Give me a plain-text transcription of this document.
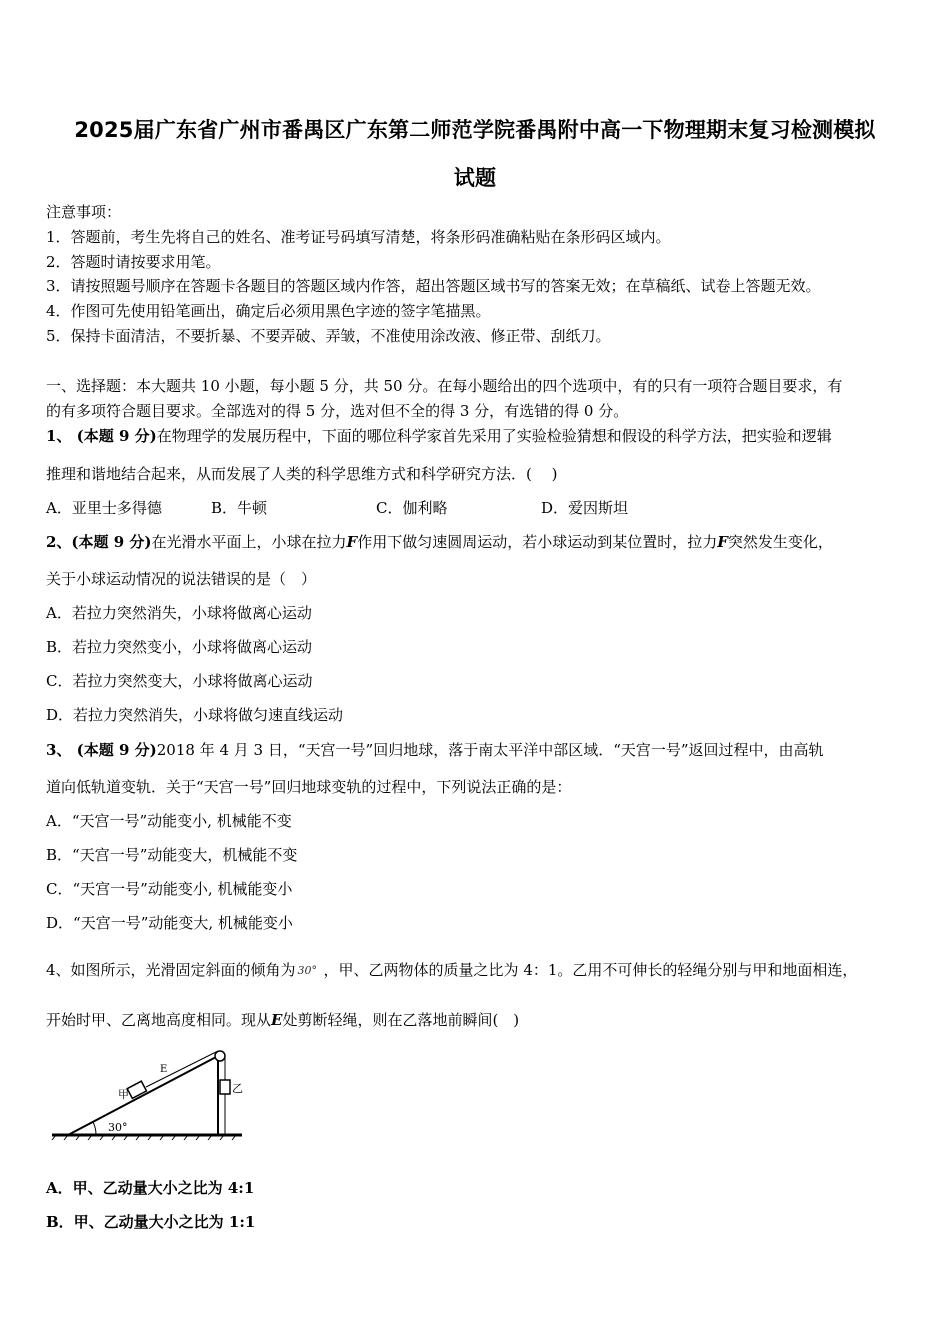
2025届广东省广州市番禺区广东第二师范学院番禺附中高一下物理期末复习检测模拟
试题
注意事项：
1．答题前，考生先将自己的姓名、准考证号码填写清楚，将条形码准确粘贴在条形码区域内。
2．答题时请按要求用笔。
3．请按照题号顺序在答题卡各题目的答题区域内作答，超出答题区域书写的答案无效；在草稿纸、试卷上答题无效。
4．作图可先使用铅笔画出，确定后必须用黑色字迹的签字笔描黑。
5．保持卡面清洁，不要折暴、不要弄破、弄皱，不准使用涂改液、修正带、刮纸刀。
一、选择题：本大题共 10 小题，每小题 5 分，共 50 分。在每小题给出的四个选项中，有的只有一项符合题目要求，有
的有多项符合题目要求。全部选对的得 5 分，选对但不全的得 3 分，有选错的得 0 分。
1、 (本题 9 分)在物理学的发展历程中，下面的哪位科学家首先采用了实验检验猜想和假设的科学方法，把实验和逻辑
推理和谐地结合起来，从而发展了人类的科学思维方式和科学研究方法．(　 )
A．亚里士多得德	B．牛顿	C．伽利略	D．爱因斯坦
2、(本题 9 分)在光滑水平面上，小球在拉力F作用下做匀速圆周运动，若小球运动到某位置时，拉力F突然发生变化，
关于小球运动情况的说法错误的是（　）
A．若拉力突然消失，小球将做离心运动
B．若拉力突然变小，小球将做离心运动
C．若拉力突然变大，小球将做离心运动
D．若拉力突然消失，小球将做匀速直线运动
3、 (本题 9 分)2018 年 4 月 3 日，“天宫一号”回归地球，落于南太平洋中部区域．“天宫一号”返回过程中，由高轨
道向低轨道变轨．关于“天宫一号”回归地球变轨的过程中，下列说法正确的是：
A．“天宫一号”动能变小, 机械能不变
B．“天宫一号”动能变大，机械能不变
C．“天宫一号”动能变小, 机械能变小
D．“天宫一号”动能变大, 机械能变小
4、如图所示，光滑固定斜面的倾角为 30° ，甲、乙两物体的质量之比为 4：1。乙用不可伸长的轻绳分别与甲和地面相连，
开始时甲、乙离地高度相同。现从E处剪断轻绳，则在乙落地前瞬间(　)
30°
甲	乙
E
A．甲、乙动量大小之比为 4:1
B．甲、乙动量大小之比为 1:1
